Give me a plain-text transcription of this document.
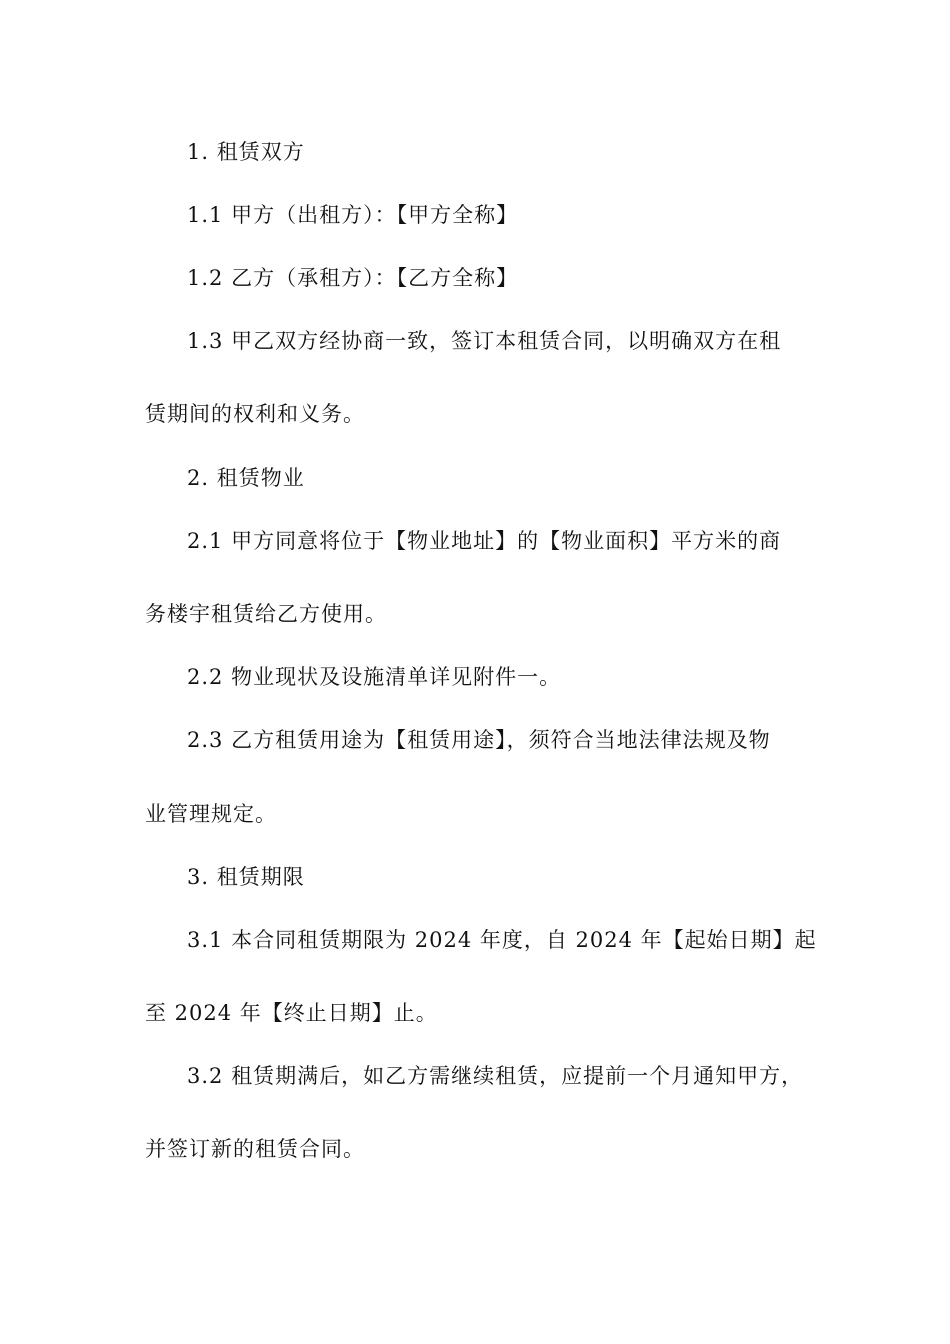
1. 租赁双方
1.1 甲方（出租方）：【甲方全称】
1.2 乙方（承租方）：【乙方全称】
1.3 甲乙双方经协商一致，签订本租赁合同，以明确双方在租
赁期间的权利和义务。
2. 租赁物业
2.1 甲方同意将位于【物业地址】的【物业面积】平方米的商
务楼宇租赁给乙方使用。
2.2 物业现状及设施清单详见附件一。
2.3 乙方租赁用途为【租赁用途】，须符合当地法律法规及物
业管理规定。
3. 租赁期限
3.1 本合同租赁期限为 2024 年度，自 2024 年【起始日期】起
至 2024 年【终止日期】止。
3.2 租赁期满后，如乙方需继续租赁，应提前一个月通知甲方，
并签订新的租赁合同。
